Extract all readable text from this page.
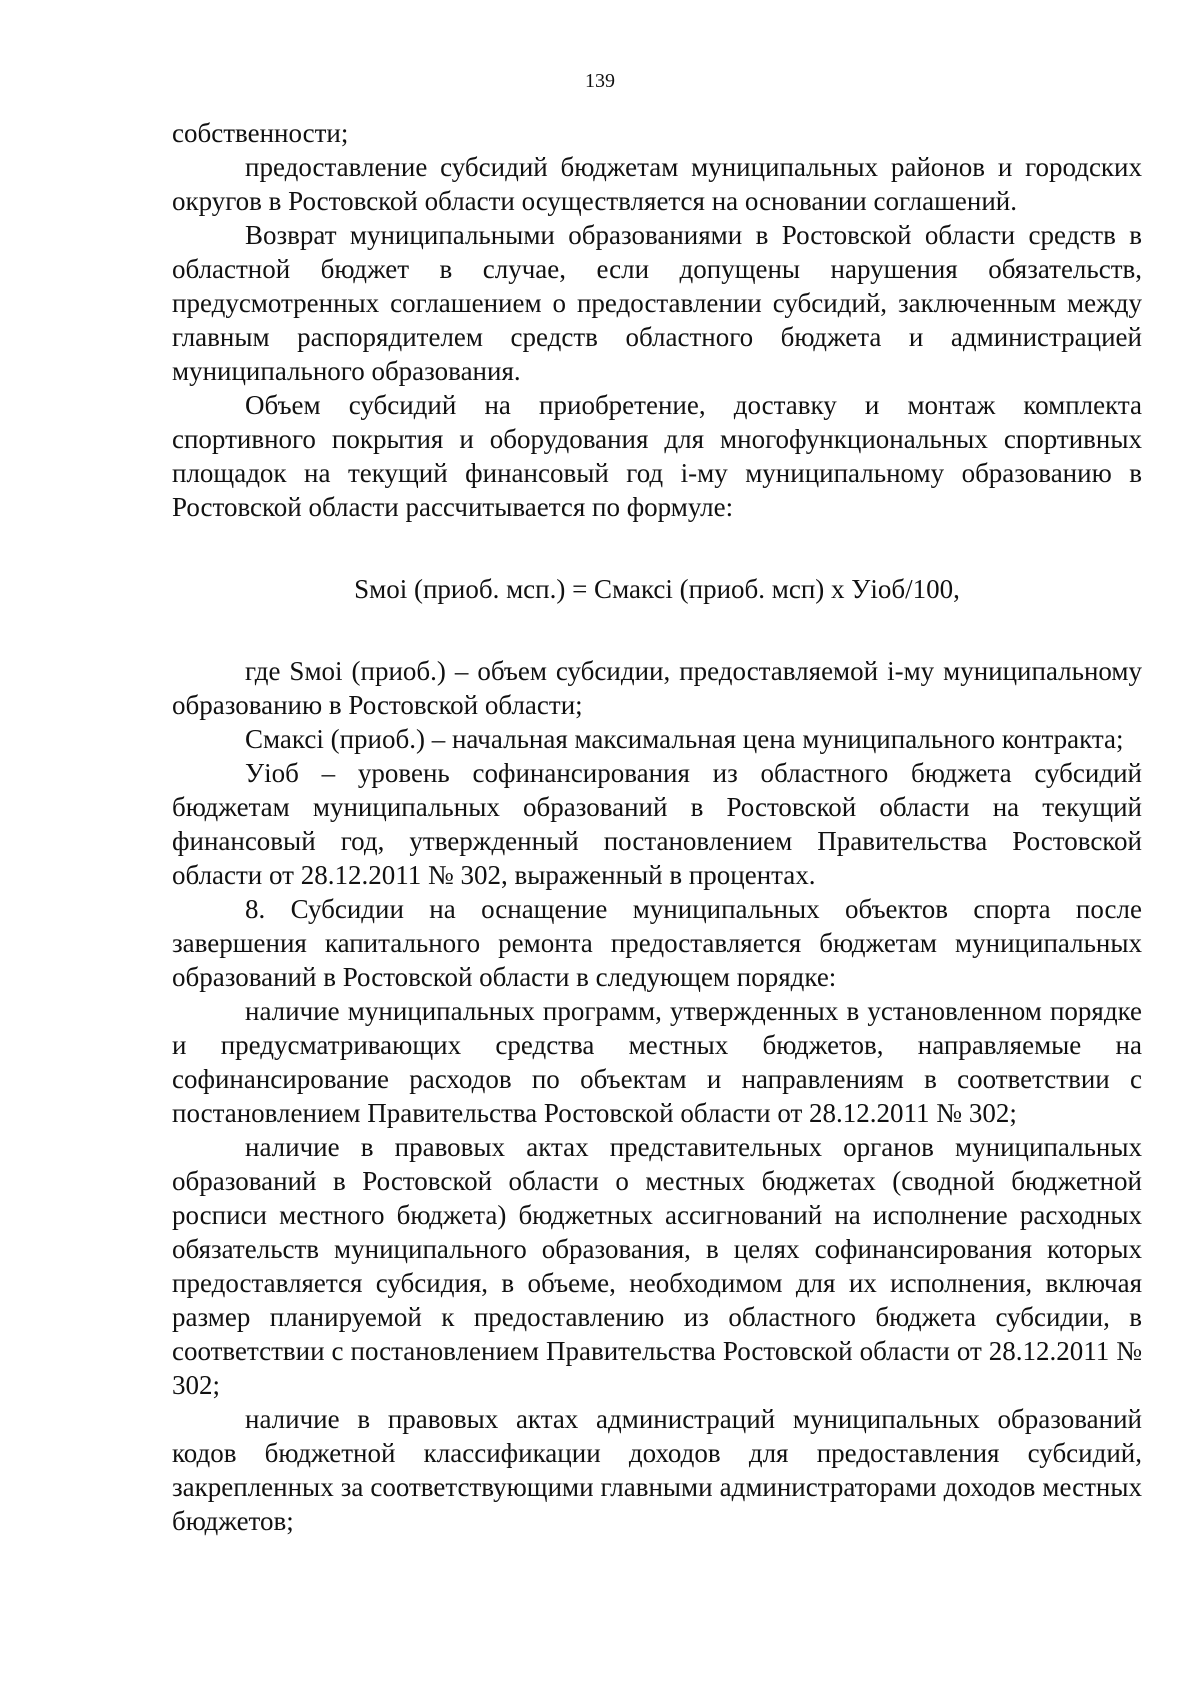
139

собственности;

предоставление субсидий бюджетам муниципальных районов и городских округов в Ростовской области осуществляется на основании соглашений.

Возврат муниципальными образованиями в Ростовской области средств в областной бюджет в случае, если допущены нарушения обязательств, предусмотренных соглашением о предоставлении субсидий, заключенным между главным распорядителем средств областного бюджета и администрацией муниципального образования.

Объем субсидий на приобретение, доставку и монтаж комплекта спортивного покрытия и оборудования для многофункциональных спортивных площадок на текущий финансовый год i-му муниципальному образованию в Ростовской области рассчитывается по формуле:

Sмоi (приоб. мсп.) = Смаксi (приоб. мсп) х Уioб/100,

где Sмоi (приоб.) – объем субсидии, предоставляемой i-му муниципальному образованию в Ростовской области;

Смаксi (приоб.) – начальная максимальная цена муниципального контракта;

Уioб – уровень софинансирования из областного бюджета субсидий бюджетам муниципальных образований в Ростовской области на текущий финансовый год, утвержденный постановлением Правительства Ростовской области от 28.12.2011 № 302, выраженный в процентах.

8. Субсидии на оснащение муниципальных объектов спорта после завершения капитального ремонта предоставляется бюджетам муниципальных образований в Ростовской области в следующем порядке:

наличие муниципальных программ, утвержденных в установленном порядке и предусматривающих средства местных бюджетов, направляемые на софинансирование расходов по объектам и направлениям в соответствии с постановлением Правительства Ростовской области от 28.12.2011 № 302;

наличие в правовых актах представительных органов муниципальных образований в Ростовской области о местных бюджетах (сводной бюджетной росписи местного бюджета) бюджетных ассигнований на исполнение расходных обязательств муниципального образования, в целях софинансирования которых предоставляется субсидия, в объеме, необходимом для их исполнения, включая размер планируемой к предоставлению из областного бюджета субсидии, в соответствии с постановлением Правительства Ростовской области от 28.12.2011 № 302;

наличие в правовых актах администраций муниципальных образований кодов бюджетной классификации доходов для предоставления субсидий, закрепленных за соответствующими главными администраторами доходов местных бюджетов;
